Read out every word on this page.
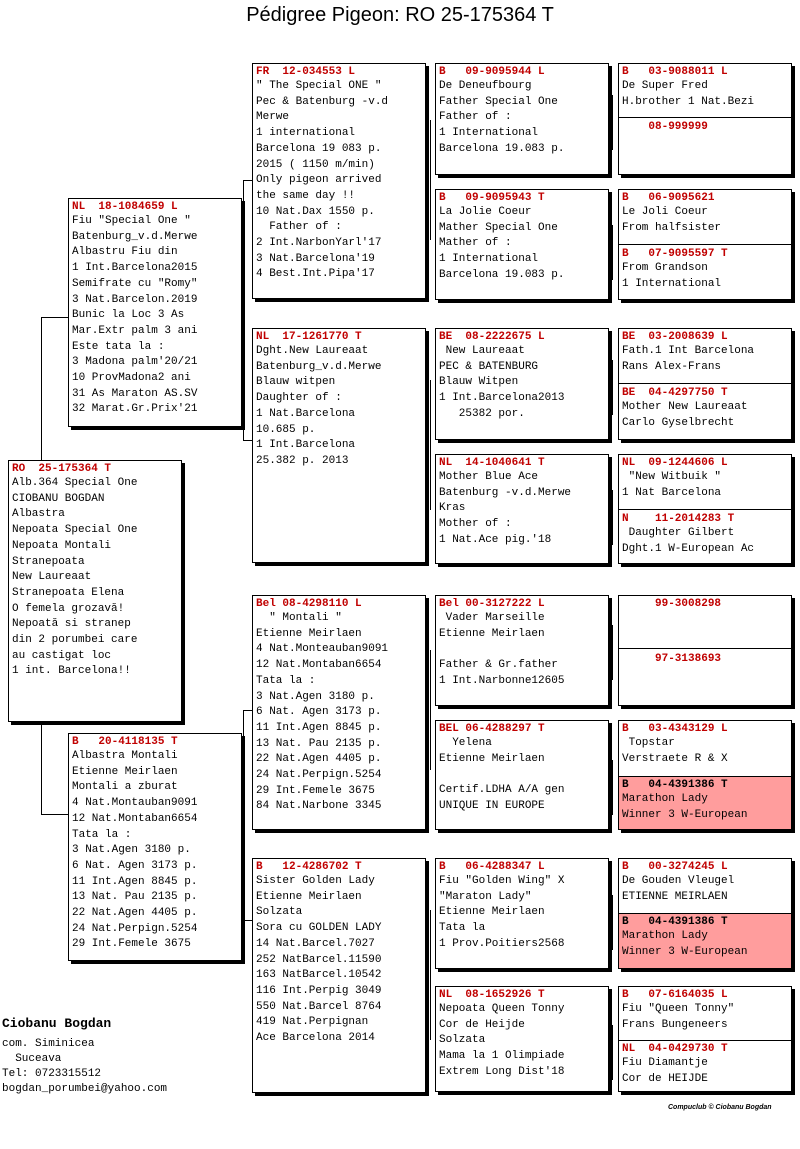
Pédigree Pigeon: RO 25-175364 T
RO  25-175364 T
Alb.364 Special One
CIOBANU BOGDAN
Albastra
Nepoata Special One
Nepoata Montali
Stranepoata
New Laureaat
Stranepoata Elena
O femela grozavă!
Nepoată si stranep
din 2 porumbei care
au castigat loc
1 int. Barcelona!!
NL  18-1084659 L
Fiu "Special One "
Batenburg_v.d.Merwe
Albastru Fiu din
1 Int.Barcelona2015
Semifrate cu "Romy"
3 Nat.Barcelon.2019
Bunic la Loc 3 As
Mar.Extr palm 3 ani
Este tata la :
3 Madona palm'20/21
10 ProvMadona2 ani
31 As Maraton AS.SV
32 Marat.Gr.Prix'21
B   20-4118135 T
Albastra Montali
Etienne Meirlaen
Montali a zburat
4 Nat.Montauban9091
12 Nat.Montaban6654
Tata la :
3 Nat.Agen 3180 p.
6 Nat. Agen 3173 p.
11 Int.Agen 8845 p.
13 Nat. Pau 2135 p.
22 Nat.Agen 4405 p.
24 Nat.Perpign.5254
29 Int.Femele 3675
FR  12-034553 L
" The Special ONE "
Pec & Batenburg -v.d
Merwe
1 international
Barcelona 19 083 p.
2015 ( 1150 m/min)
Only pigeon arrived
the same day !!
10 Nat.Dax 1550 p.
Father of :
2 Int.NarbonYarl'17
3 Nat.Barcelona'19
4 Best.Int.Pipa'17
NL  17-1261770 T
Dght.New Laureaat
Batenburg_v.d.Merwe
Blauw witpen
Daughter of :
1 Nat.Barcelona
10.685 p.
1 Int.Barcelona
25.382 p. 2013
Bel 08-4298110 L
" Montali "
Etienne Meirlaen
4 Nat.Monteauban9091
12 Nat.Montaban6654
Tata la :
3 Nat.Agen 3180 p.
6 Nat. Agen 3173 p.
11 Int.Agen 8845 p.
13 Nat. Pau 2135 p.
22 Nat.Agen 4405 p.
24 Nat.Perpign.5254
29 Int.Femele 3675
84 Nat.Narbone 3345
B   12-4286702 T
Sister Golden Lady
Etienne Meirlaen
Solzata
Sora cu GOLDEN LADY
14 Nat.Barcel.7027
252 NatBarcel.11590
163 NatBarcel.10542
116 Int.Perpig 3049
550 Nat.Barcel 8764
419 Nat.Perpignan
Ace Barcelona 2014
B   09-9095944 L
De Deneufbourg
Father Special One
Father of :
1 International
Barcelona 19.083 p.
B   09-9095943 T
La Jolie Coeur
Mather Special One
Mather of :
1 International
Barcelona 19.083 p.
BE  08-2222675 L
New Laureaat
PEC & BATENBURG
Blauw Witpen
1 Int.Barcelona2013
25382 por.
NL  14-1040641 T
Mother Blue Ace
Batenburg -v.d.Merwe
Kras
Mother of :
1 Nat.Ace pig.'18
Bel 00-3127222 L
Vader Marseille
Etienne Meirlaen
Father & Gr.father
1 Int.Narbonne12605
BEL 06-4288297 T
Yelena
Etienne Meirlaen
Certif.LDHA A/A gen
UNIQUE IN EUROPE
B   06-4288347 L
Fiu "Golden Wing" X
"Maraton Lady"
Etienne Meirlaen
Tata la
1 Prov.Poitiers2568
NL  08-1652926 T
Nepoata Queen Tonny
Cor de Heijde
Solzata
Mama la 1 Olimpiade
Extrem Long Dist'18
B   03-9088011 L
De Super Fred
H.brother 1 Nat.Bezi
08-999999
B   06-9095621
Le Joli Coeur
From halfsister
B   07-9095597 T
From Grandson
1 International
BE  03-2008639 L
Fath.1 Int Barcelona
Rans Alex-Frans
BE  04-4297750 T
Mother New Laureaat
Carlo Gyselbrecht
NL  09-1244606 L
"New Witbuik "
1 Nat Barcelona
N    11-2014283 T
Daughter Gilbert
Dght.1 W-European Ac
99-3008298
97-3138693
B   03-4343129 L
Topstar
Verstraete R & X
B   04-4391386 T
Marathon Lady
Winner 3 W-European
B   00-3274245 L
De Gouden Vleugel
ETIENNE MEIRLAEN
B   04-4391386 T
Marathon Lady
Winner 3 W-European
B   07-6164035 L
Fiu "Queen Tonny"
Frans Bungeneers
NL  04-0429730 T
Fiu Diamantje
Cor de HEIJDE
Ciobanu Bogdan
com. Siminicea
Suceava
Tel: 0723315512
bogdan_porumbei@yahoo.com
Compuclub © Ciobanu Bogdan
